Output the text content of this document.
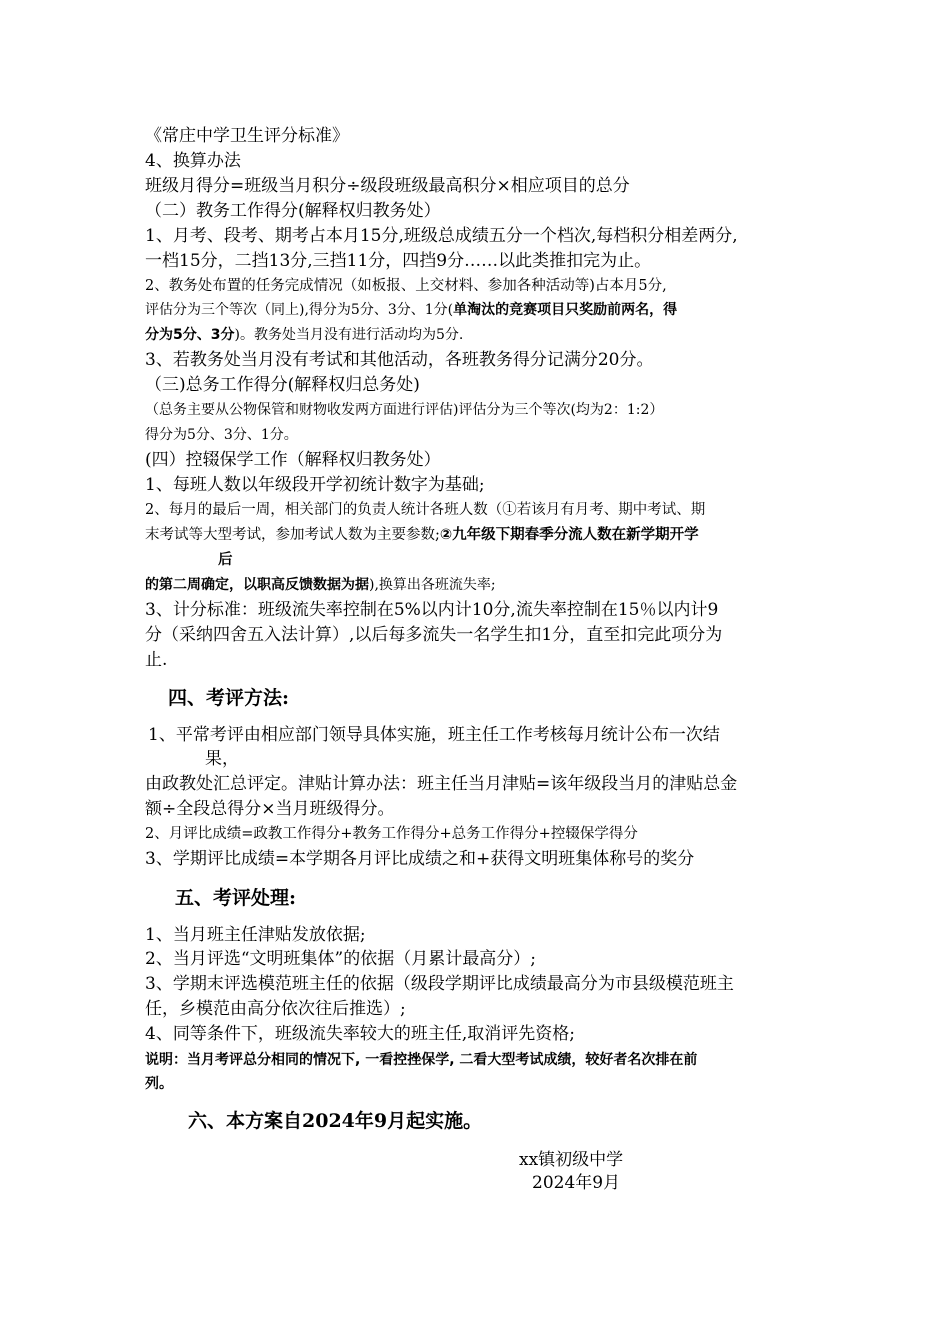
《常庄中学卫生评分标准》
4、换算办法
班级月得分=班级当月积分÷级段班级最高积分×相应项目的总分
（二）教务工作得分(解释权归教务处）
1、月考、段考、期考占本月15分,班级总成绩五分一个档次,每档积分相差两分,
一档15分，二挡13分,三挡11分，四挡9分……以此类推扣完为止。
2、教务处布置的任务完成情况（如板报、上交材料、参加各种活动等)占本月5分,
评估分为三个等次（同上),得分为5分、3分、1分(单淘汰的竞赛项目只奖励前两名，得
分为5分、3分)。教务处当月没有进行活动均为5分.
3、若教务处当月没有考试和其他活动，各班教务得分记满分20分。
（三)总务工作得分(解释权归总务处)
（总务主要从公物保管和财物收发两方面进行评估)评估分为三个等次(均为2：1:2）
得分为5分、3分、1分。
(四）控辍保学工作（解释权归教务处）
1、每班人数以年级段开学初统计数字为基础;
2、每月的最后一周，相关部门的负责人统计各班人数（①若该月有月考、期中考试、期
末考试等大型考试，参加考试人数为主要参数;②九年级下期春季分流人数在新学期开学
后
的第二周确定，以职高反馈数据为据),换算出各班流失率;
3、计分标准：班级流失率控制在5%以内计10分,流失率控制在15％以内计9
分（采纳四舍五入法计算）,以后每多流失一名学生扣1分，直至扣完此项分为
止.
四、考评方法:
1、平常考评由相应部门领导具体实施，班主任工作考核每月统计公布一次结
果，
由政教处汇总评定。津贴计算办法：班主任当月津贴=该年级段当月的津贴总金
额÷全段总得分×当月班级得分。
2、月评比成绩=政教工作得分+教务工作得分+总务工作得分+控辍保学得分
3、学期评比成绩=本学期各月评比成绩之和+获得文明班集体称号的奖分
五、考评处理:
1、当月班主任津贴发放依据;
2、当月评选“文明班集体”的依据（月累计最高分）;
3、学期末评选模范班主任的依据（级段学期评比成绩最高分为市县级模范班主
任，乡模范由高分依次往后推选）;
4、同等条件下，班级流失率较大的班主任,取消评先资格;
说明：当月考评总分相同的情况下, 一看控挫保学, 二看大型考试成绩，较好者名次排在前
列。
六、本方案自2024年9月起实施。
xx镇初级中学
2024年9月
